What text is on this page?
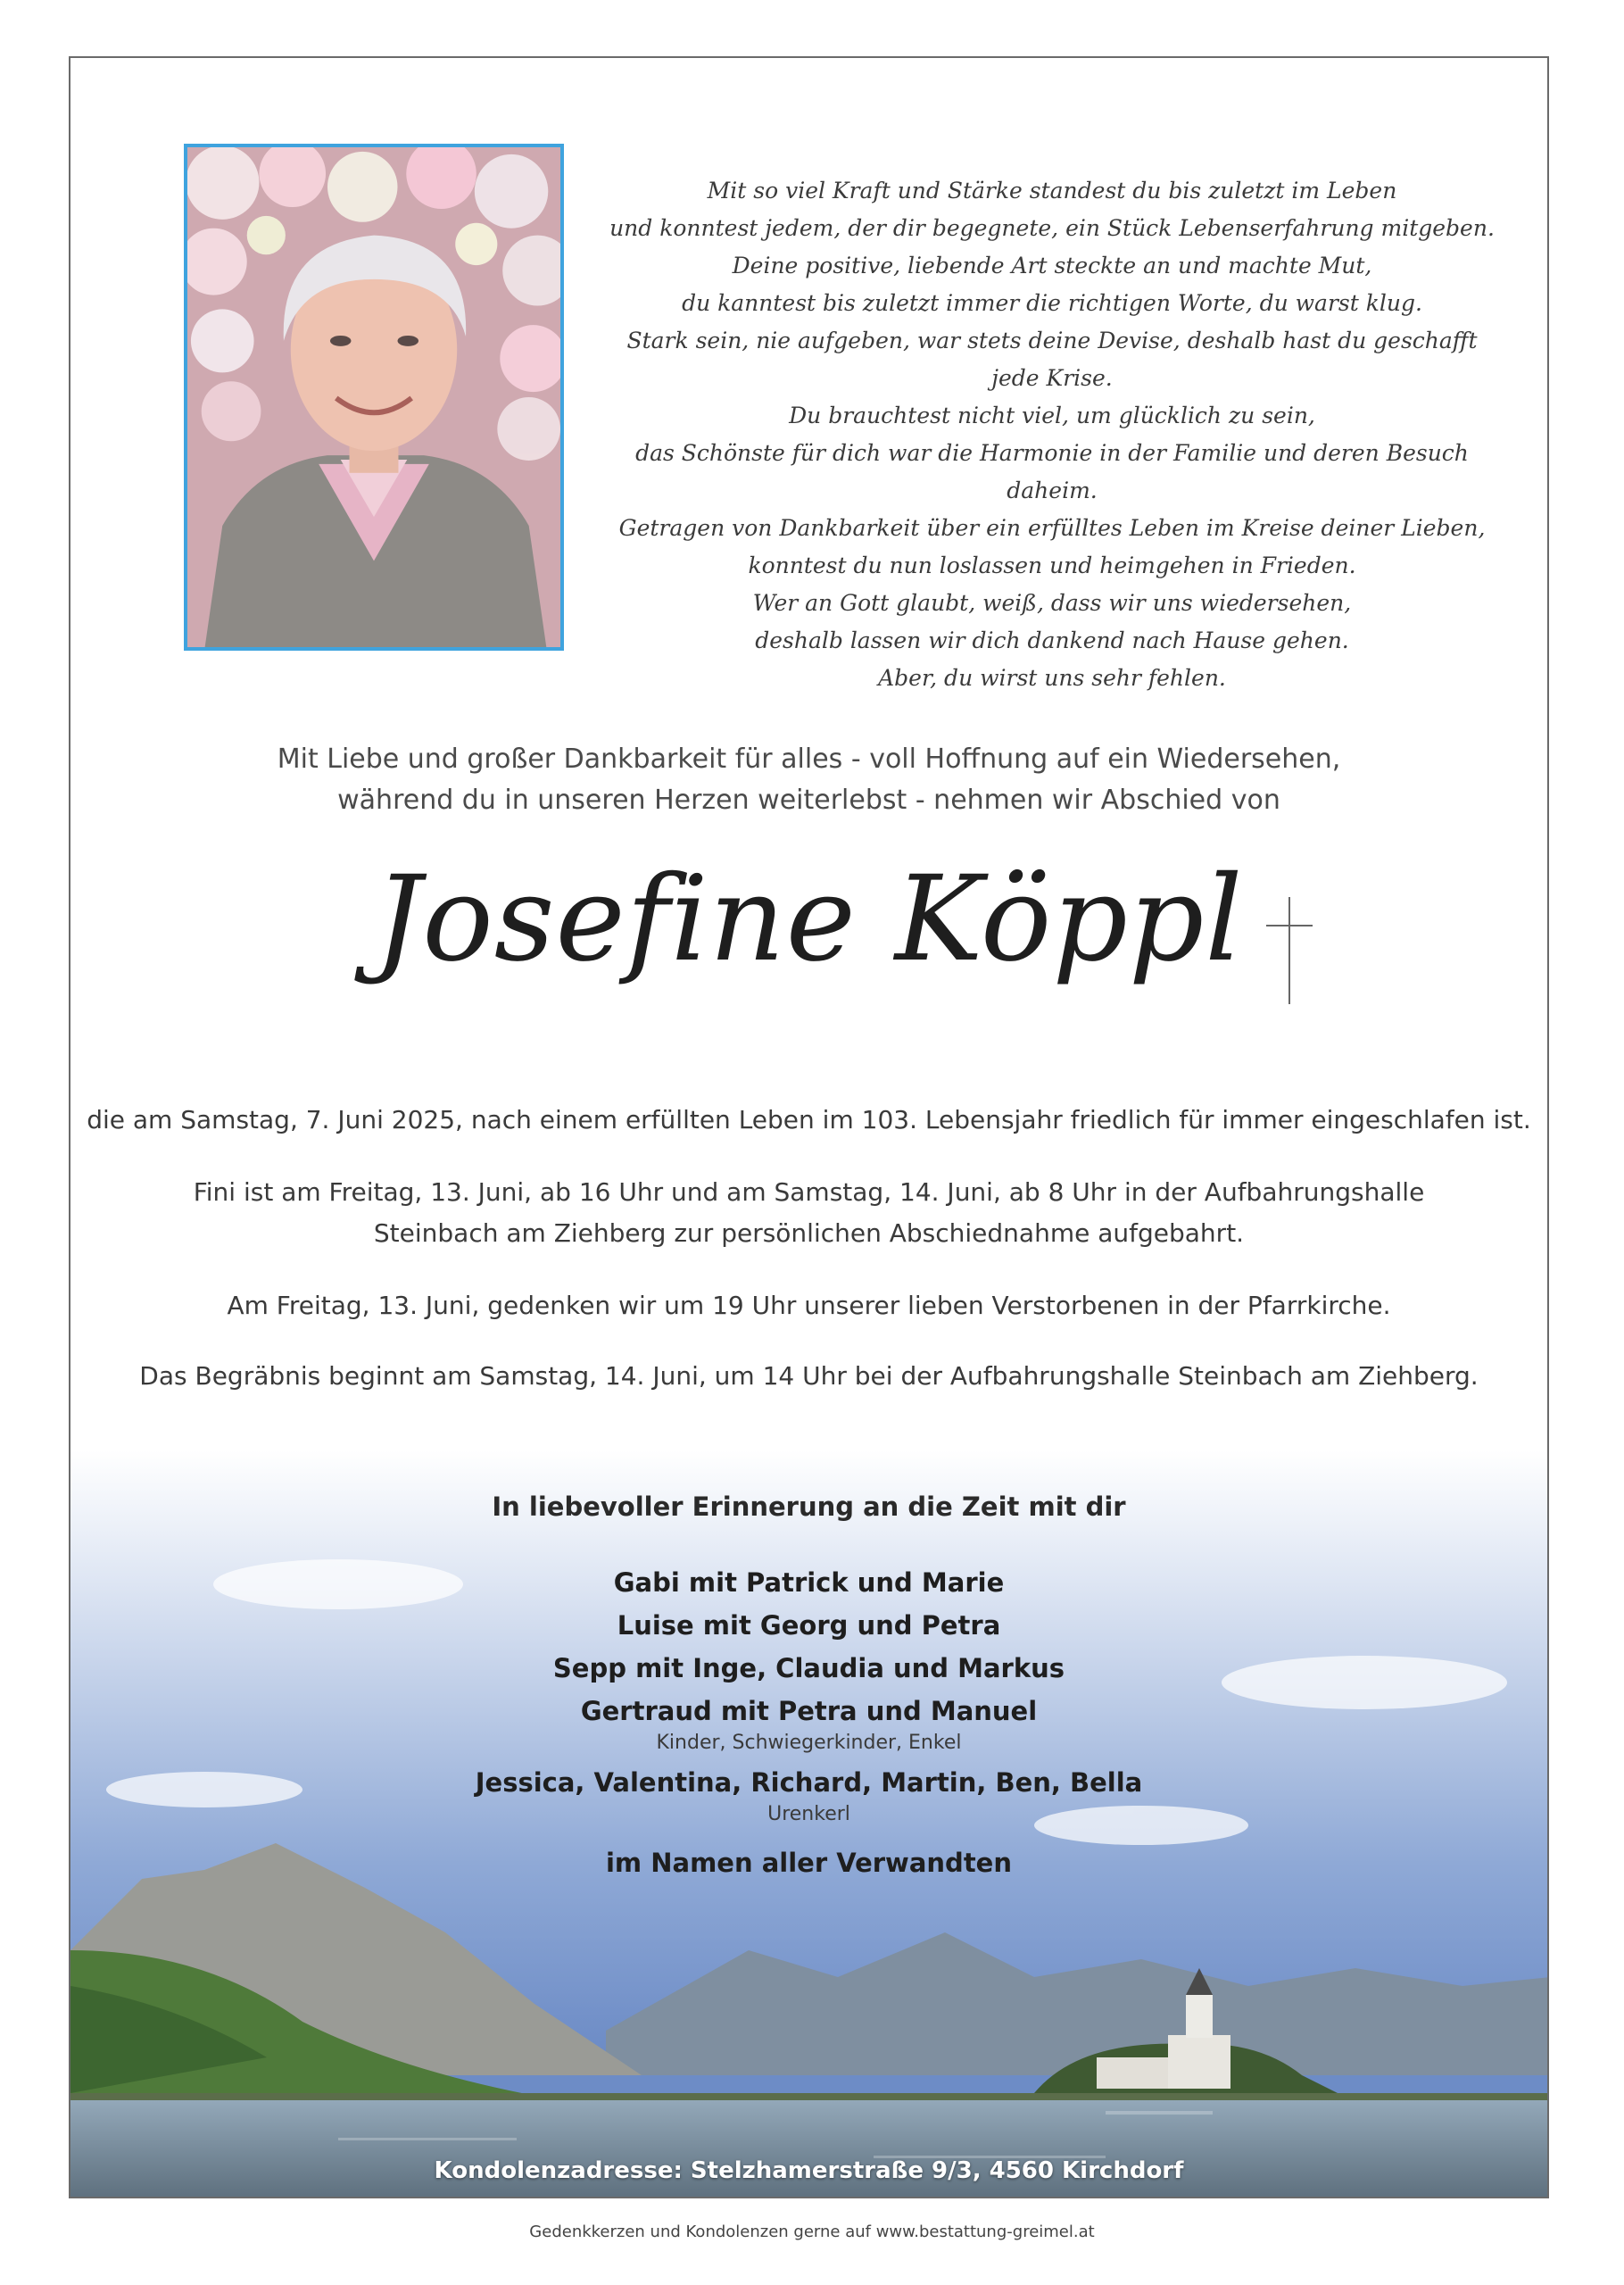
Mit so viel Kraft und Stärke standest du bis zuletzt im Leben
und konntest jedem, der dir begegnete, ein Stück Lebenserfahrung mitgeben.
Deine positive, liebende Art steckte an und machte Mut,
du kanntest bis zuletzt immer die richtigen Worte, du warst klug.
Stark sein, nie aufgeben, war stets deine Devise, deshalb hast du geschafft jede Krise.
Du brauchtest nicht viel, um glücklich zu sein,
das Schönste für dich war die Harmonie in der Familie und deren Besuch daheim.
Getragen von Dankbarkeit über ein erfülltes Leben im Kreise deiner Lieben,
konntest du nun loslassen und heimgehen in Frieden.
Wer an Gott glaubt, weiß, dass wir uns wiedersehen,
deshalb lassen wir dich dankend nach Hause gehen.
Aber, du wirst uns sehr fehlen.
Mit Liebe und großer Dankbarkeit für alles - voll Hoffnung auf ein Wiedersehen,
während du in unseren Herzen weiterlebst - nehmen wir Abschied von
Josefine Köppl
die am Samstag, 7. Juni 2025, nach einem erfüllten Leben im 103. Lebensjahr friedlich für immer eingeschlafen ist.
Fini ist am Freitag, 13. Juni, ab 16 Uhr und am Samstag, 14. Juni, ab 8 Uhr in der Aufbahrungshalle
Steinbach am Ziehberg zur persönlichen Abschiednahme aufgebahrt.
Am Freitag, 13. Juni, gedenken wir um 19 Uhr unserer lieben Verstorbenen in der Pfarrkirche.
Das Begräbnis beginnt am Samstag, 14. Juni, um 14 Uhr bei der Aufbahrungshalle Steinbach am Ziehberg.
In liebevoller Erinnerung an die Zeit mit dir
Gabi mit Patrick und Marie
Luise mit Georg und Petra
Sepp mit Inge, Claudia und Markus
Gertraud mit Petra und Manuel
Kinder, Schwiegerkinder, Enkel
Jessica, Valentina, Richard, Martin, Ben, Bella
Urenkerl
im Namen aller Verwandten
Kondolenzadresse: Stelzhamerstraße 9/3, 4560 Kirchdorf
Gedenkkerzen und Kondolenzen gerne auf www.bestattung-greimel.at
